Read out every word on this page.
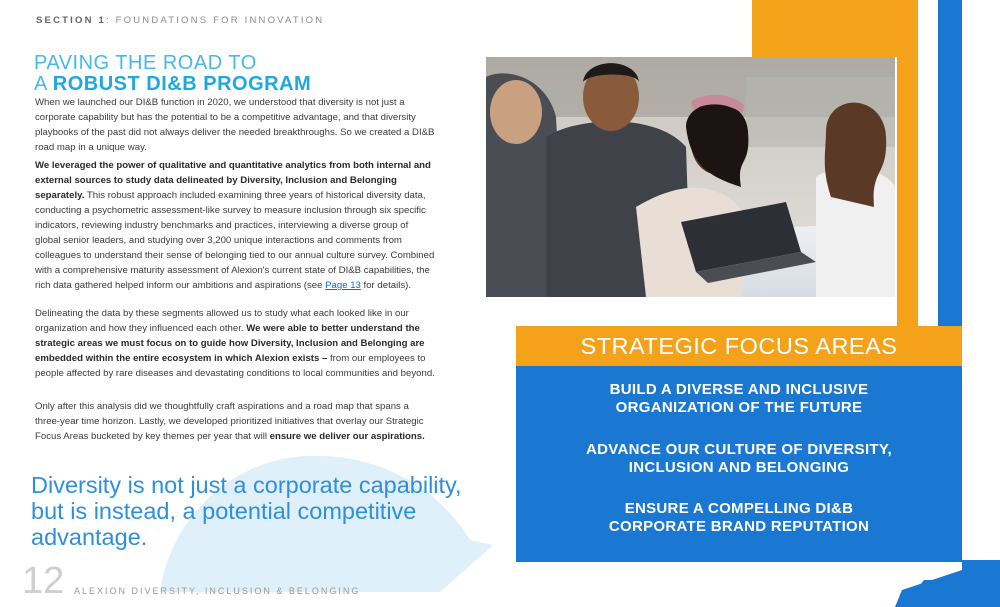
SECTION 1: FOUNDATIONS FOR INNOVATION
PAVING THE ROAD TO
A ROBUST DI&B PROGRAM
When we launched our DI&B function in 2020, we understood that diversity is not just a corporate capability but has the potential to be a competitive advantage, and that diversity playbooks of the past did not always deliver the needed breakthroughs. So we created a DI&B road map in a unique way.
We leveraged the power of qualitative and quantitative analytics from both internal and external sources to study data delineated by Diversity, Inclusion and Belonging separately. This robust approach included examining three years of historical diversity data, conducting a psychometric assessment-like survey to measure inclusion through six specific indicators, reviewing industry benchmarks and practices, interviewing a diverse group of global senior leaders, and studying over 3,200 unique interactions and comments from colleagues to understand their sense of belonging tied to our annual culture survey. Combined with a comprehensive maturity assessment of Alexion's current state of DI&B capabilities, the rich data gathered helped inform our ambitions and aspirations (see Page 13 for details).
Delineating the data by these segments allowed us to study what each looked like in our organization and how they influenced each other. We were able to better understand the strategic areas we must focus on to guide how Diversity, Inclusion and Belonging are embedded within the entire ecosystem in which Alexion exists – from our employees to people affected by rare diseases and devastating conditions to local communities and beyond.
Only after this analysis did we thoughtfully craft aspirations and a road map that spans a three-year time horizon. Lastly, we developed prioritized initiatives that overlay our Strategic Focus Areas bucketed by key themes per year that will ensure we deliver our aspirations.
Diversity is not just a corporate capability, but is instead, a potential competitive advantage.
12 ALEXION DIVERSITY, INCLUSION & BELONGING
BUILD A DIVERSE AND INCLUSIVE
ORGANIZATION OF THE FUTURE
ADVANCE OUR CULTURE OF DIVERSITY,
INCLUSION AND BELONGING
ENSURE A COMPELLING DI&B
CORPORATE BRAND REPUTATION
STRATEGIC FOCUS AREAS
